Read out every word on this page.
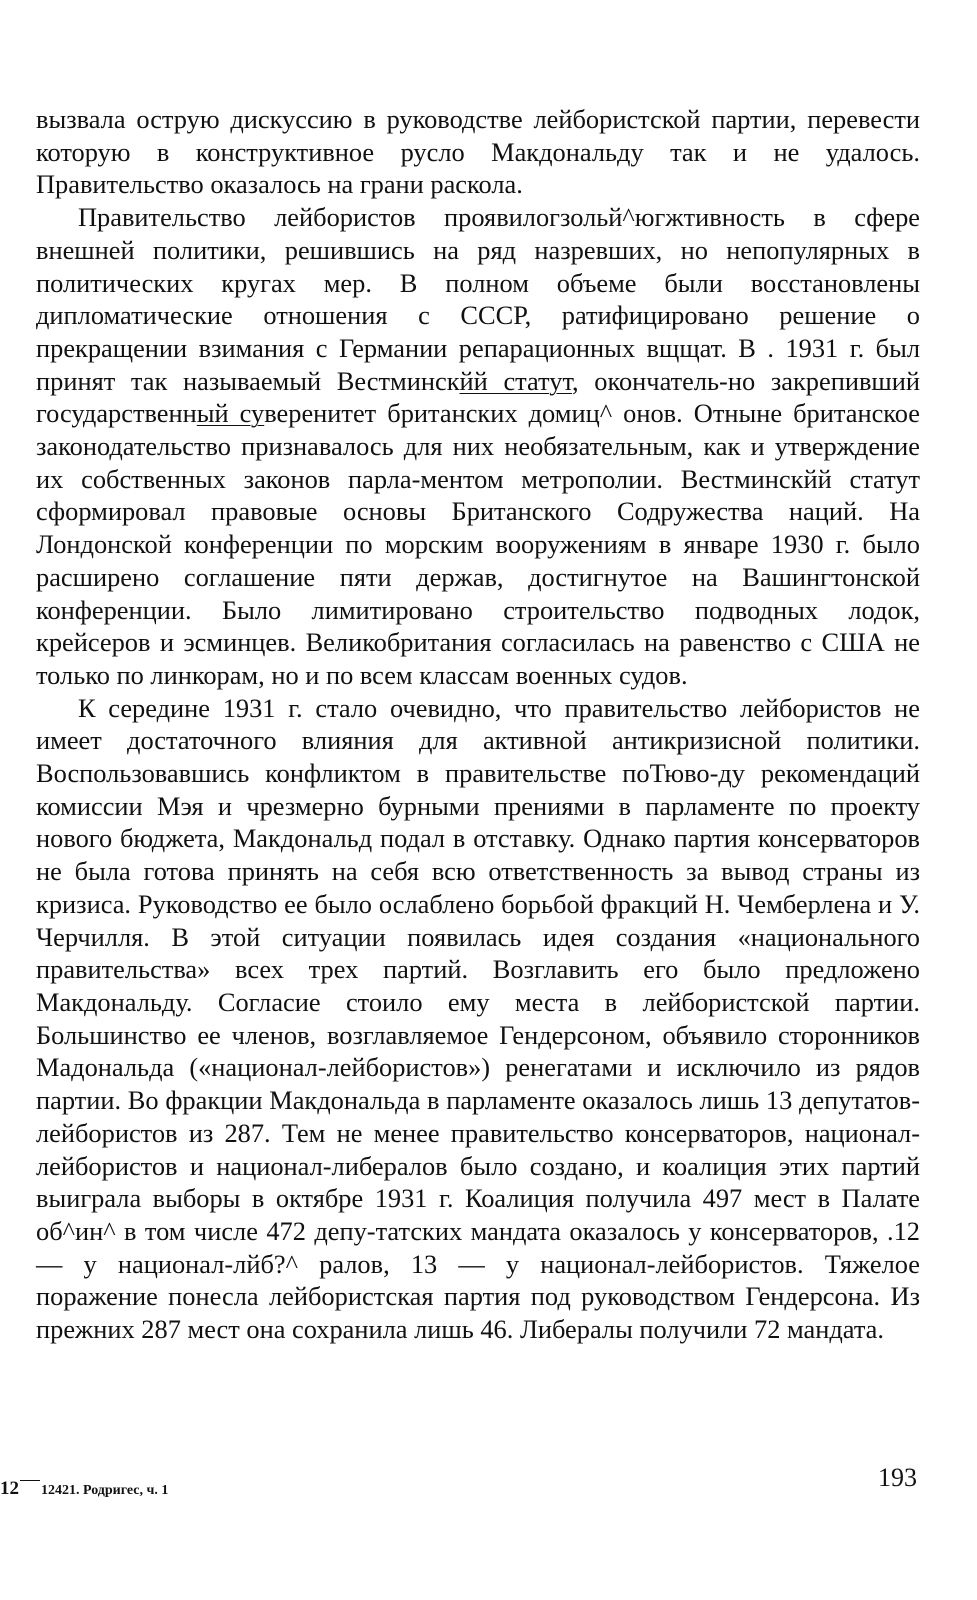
вызвала острую дискуссию в руководстве лейбористской партии, перевести которую в конструктивное русло Макдональду так и не удалось. Правительство оказалось на грани раскола.

Правительство лейбористов проявилогзольй^югжтивность в сфере внешней политики, решившись на ряд назревших, но непопулярных в политических кругах мер. В полном объеме были восстановлены дипломатические отношения с СССР, ратифицировано решение о прекращении взимания с Германии репарационных вщщат. В . 1931 г. был принят так называемый Вестминскйй статут, окончатель-но закрепивший государственный суверенитет британских домиц^ онов. Отныне британское законодательство признавалось для них необязательным, как и утверждение их собственных законов парла-ментом метрополии. Вестминскйй статут сформировал правовые основы Британского Содружества наций. На Лондонской конференции по морским вооружениям в январе 1930 г. было расширено соглашение пяти держав, достигнутое на Вашингтонской конференции. Было лимитировано строительство подводных лодок, крейсеров и эсминцев. Великобритания согласилась на равенство с США не только по линкорам, но и по всем классам военных судов.

К середине 1931 г. стало очевидно, что правительство лейбористов не имеет достаточного влияния для активной антикризисной политики. Воспользовавшись конфликтом в правительстве поТюво-ду рекомендаций комиссии Мэя и чрезмерно бурными прениями в парламенте по проекту нового бюджета, Макдональд подал в отставку. Однако партия консерваторов не была готова принять на себя всю ответственность за вывод страны из кризиса. Руководство ее было ослаблено борьбой фракций Н. Чемберлена и У. Черчилля. В этой ситуации появилась идея создания «национального правительства» всех трех партий. Возглавить его было предложено Макдональду. Согласие стоило ему места в лейбористской партии. Большинство ее членов, возглавляемое Гендерсоном, объявило сторонников Мадональда («национал-лейбористов») ренегатами и исключило из рядов партии. Во фракции Макдональда в парламенте оказалось лишь 13 депутатов-лейбористов из 287. Тем не менее правительство консерваторов, национал-лейбористов и национал-либералов было создано, и коалиция этих партий выиграла выборы в октябре 1931 г. Коалиция получила 497 мест в Палате об^ин^ в том числе 472 депу-татских мандата оказалось у консерваторов, .12 — у национал-лйб?^ ралов, 13 — у национал-лейбористов. Тяжелое поражение понесла лейбористская партия под руководством Гендерсона. Из прежних 287 мест она сохранила лишь 46. Либералы получили 72 мандата.

12 12421. Родригес, ч. 1	193
